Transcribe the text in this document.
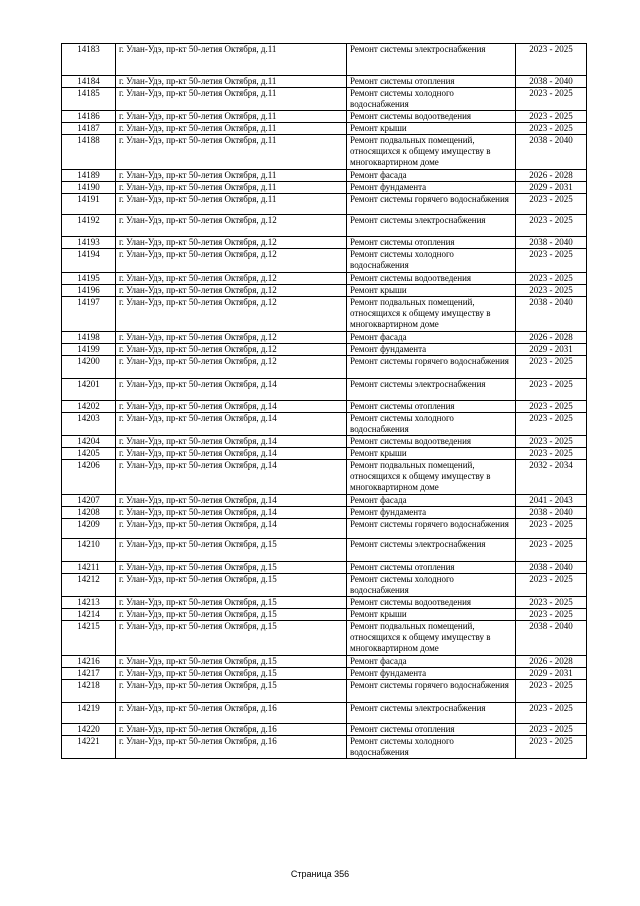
14183	г. Улан-Удэ, пр-кт 50-летия Октября, д.11	Ремонт системы электроснабжения	2023 - 2025
14184	г. Улан-Удэ, пр-кт 50-летия Октября, д.11	Ремонт системы отопления	2038 - 2040
14185	г. Улан-Удэ, пр-кт 50-летия Октября, д.11	Ремонт системы холодного водоснабжения	2023 - 2025
14186	г. Улан-Удэ, пр-кт 50-летия Октября, д.11	Ремонт системы водоотведения	2023 - 2025
14187	г. Улан-Удэ, пр-кт 50-летия Октября, д.11	Ремонт крыши	2023 - 2025
14188	г. Улан-Удэ, пр-кт 50-летия Октября, д.11	Ремонт подвальных помещений, относящихся к общему имуществу в многоквартирном доме	2038 - 2040
14189	г. Улан-Удэ, пр-кт 50-летия Октября, д.11	Ремонт фасада	2026 - 2028
14190	г. Улан-Удэ, пр-кт 50-летия Октября, д.11	Ремонт фундамента	2029 - 2031
14191	г. Улан-Удэ, пр-кт 50-летия Октября, д.11	Ремонт системы горячего водоснабжения	2023 - 2025
14192	г. Улан-Удэ, пр-кт 50-летия Октября, д.12	Ремонт системы электроснабжения	2023 - 2025
14193	г. Улан-Удэ, пр-кт 50-летия Октября, д.12	Ремонт системы отопления	2038 - 2040
14194	г. Улан-Удэ, пр-кт 50-летия Октября, д.12	Ремонт системы холодного водоснабжения	2023 - 2025
14195	г. Улан-Удэ, пр-кт 50-летия Октября, д.12	Ремонт системы водоотведения	2023 - 2025
14196	г. Улан-Удэ, пр-кт 50-летия Октября, д.12	Ремонт крыши	2023 - 2025
14197	г. Улан-Удэ, пр-кт 50-летия Октября, д.12	Ремонт подвальных помещений, относящихся к общему имуществу в многоквартирном доме	2038 - 2040
14198	г. Улан-Удэ, пр-кт 50-летия Октября, д.12	Ремонт фасада	2026 - 2028
14199	г. Улан-Удэ, пр-кт 50-летия Октября, д.12	Ремонт фундамента	2029 - 2031
14200	г. Улан-Удэ, пр-кт 50-летия Октября, д.12	Ремонт системы горячего водоснабжения	2023 - 2025
14201	г. Улан-Удэ, пр-кт 50-летия Октября, д.14	Ремонт системы электроснабжения	2023 - 2025
14202	г. Улан-Удэ, пр-кт 50-летия Октября, д.14	Ремонт системы отопления	2023 - 2025
14203	г. Улан-Удэ, пр-кт 50-летия Октября, д.14	Ремонт системы холодного водоснабжения	2023 - 2025
14204	г. Улан-Удэ, пр-кт 50-летия Октября, д.14	Ремонт системы водоотведения	2023 - 2025
14205	г. Улан-Удэ, пр-кт 50-летия Октября, д.14	Ремонт крыши	2023 - 2025
14206	г. Улан-Удэ, пр-кт 50-летия Октября, д.14	Ремонт подвальных помещений, относящихся к общему имуществу в многоквартирном доме	2032 - 2034
14207	г. Улан-Удэ, пр-кт 50-летия Октября, д.14	Ремонт фасада	2041 - 2043
14208	г. Улан-Удэ, пр-кт 50-летия Октября, д.14	Ремонт фундамента	2038 - 2040
14209	г. Улан-Удэ, пр-кт 50-летия Октября, д.14	Ремонт системы горячего водоснабжения	2023 - 2025
14210	г. Улан-Удэ, пр-кт 50-летия Октября, д.15	Ремонт системы электроснабжения	2023 - 2025
14211	г. Улан-Удэ, пр-кт 50-летия Октября, д.15	Ремонт системы отопления	2038 - 2040
14212	г. Улан-Удэ, пр-кт 50-летия Октября, д.15	Ремонт системы холодного водоснабжения	2023 - 2025
14213	г. Улан-Удэ, пр-кт 50-летия Октября, д.15	Ремонт системы водоотведения	2023 - 2025
14214	г. Улан-Удэ, пр-кт 50-летия Октября, д.15	Ремонт крыши	2023 - 2025
14215	г. Улан-Удэ, пр-кт 50-летия Октября, д.15	Ремонт подвальных помещений, относящихся к общему имуществу в многоквартирном доме	2038 - 2040
14216	г. Улан-Удэ, пр-кт 50-летия Октября, д.15	Ремонт фасада	2026 - 2028
14217	г. Улан-Удэ, пр-кт 50-летия Октября, д.15	Ремонт фундамента	2029 - 2031
14218	г. Улан-Удэ, пр-кт 50-летия Октября, д.15	Ремонт системы горячего водоснабжения	2023 - 2025
14219	г. Улан-Удэ, пр-кт 50-летия Октября, д.16	Ремонт системы электроснабжения	2023 - 2025
14220	г. Улан-Удэ, пр-кт 50-летия Октября, д.16	Ремонт системы отопления	2023 - 2025
14221	г. Улан-Удэ, пр-кт 50-летия Октября, д.16	Ремонт системы холодного водоснабжения	2023 - 2025
Страница 356
